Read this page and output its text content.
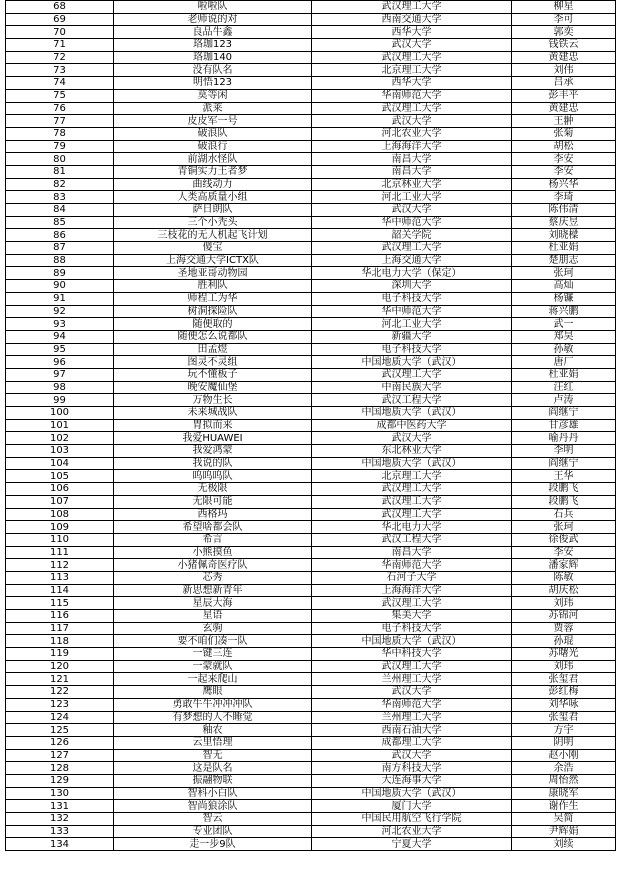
68	啦啦队	武汉理工大学	柳星
69	老师说的对	西南交通大学	李可
70	良品牛鑫	西华大学	郭奕
71	珞珈123	武汉大学	钱铁云
72	珞珈140	武汉理工大学	黄建忠
73	没有队名	北京理工大学	刘伟
74	明悟123	西华大学	吕承
75	莫等闲	华南师范大学	彭丰平
76	派莱	武汉理工大学	黄建忠
77	皮皮军一号	武汉大学	王翀
78	破浪队	河北农业大学	张菊
79	破浪行	上海海洋大学	胡松
80	前湖水怪队	南昌大学	李安
81	青铜实力王者梦	南昌大学	李安
82	曲线动力	北京林业大学	杨兴华
83	人类高质量小组	河北工业大学	李琦
84	萨日朗队	武汉大学	陈伟清
85	三个小秃头	华中师范大学	蔡庆昱
86	三枝花的无人机起飞计划	韶关学院	刘晓樑
87	傻宝	武汉理工大学	杜亚娟
88	上海交通大学ICTX队	上海交通大学	楚朋志
89	圣地亚哥动物园	华北电力大学（保定）	张珂
90	胜利队	深圳大学	高灿
91	师程工为华	电子科技大学	杨镰
92	树洞探险队	华中师范大学	蒋兴鹏
93	随便取的	河北工业大学	武一
94	随便怎么说都队	新疆大学	郑昊
95	田孟煜	电子科技大学	孙敏
96	图灵不灵组	中国地质大学（武汉）	唐厂
97	玩不懂板子	武汉理工大学	杜亚娟
98	晚安魔仙堡	中南民族大学	汪红
99	万物生长	武汉工程大学	卢涛
100	未来城战队	中国地质大学（武汉）	阎继宁
101	胃拟而来	成都中医药大学	甘彦雄
102	我爱HUAWEI	武汉大学	喻丹丹
103	我爱鸿蒙	东北林业大学	李明
104	我说的队	中国地质大学（武汉）	阎继宁
105	呜呜呜队	北京理工大学	王华
106	无极限	武汉理工大学	段鹏飞
107	无限可能	武汉理工大学	段鹏飞
108	西格玛	武汉理工大学	石兵
109	希望啥都会队	华北电力大学	张珂
110	希言	武汉工程大学	徐俊武
111	小熊摸鱼	南昌大学	李安
112	小猪佩奇医疗队	华南师范大学	潘家辉
113	芯秀	石河子大学	陈敏
114	新思想新青年	上海海洋大学	胡庆松
115	星辰大海	武汉理工大学	刘玮
116	星语	集美大学	苏锦河
117	玄驹	电子科技大学	贾蓉
118	要不咱们凑一队	中国地质大学（武汉）	孙琨
119	一键三连	华中科技大学	苏曙光
120	一蒙就队	武汉理工大学	刘玮
121	一起来爬山	兰州理工大学	张玺君
122	鹰眼	武汉大学	彭红梅
123	勇敢牛牛冲冲冲队	华南师范大学	刘华咏
124	有梦想的人不睡觉	兰州理工大学	张玺君
125	釉农	西南石油大学	方宇
126	云里悟理	成都理工大学	阴明
127	智无	武汉大学	赵小刚
128	这是队名	南方科技大学	余浩
129	振翮物联	大连海事大学	周怡然
130	智科小白队	中国地质大学（武汉）	康晓军
131	智尚狼涂队	厦门大学	谢作生
132	智云	中国民用航空飞行学院	吴简
133	专业团队	河北农业大学	尹辉娟
134	走一步9队	宁夏大学	刘续
